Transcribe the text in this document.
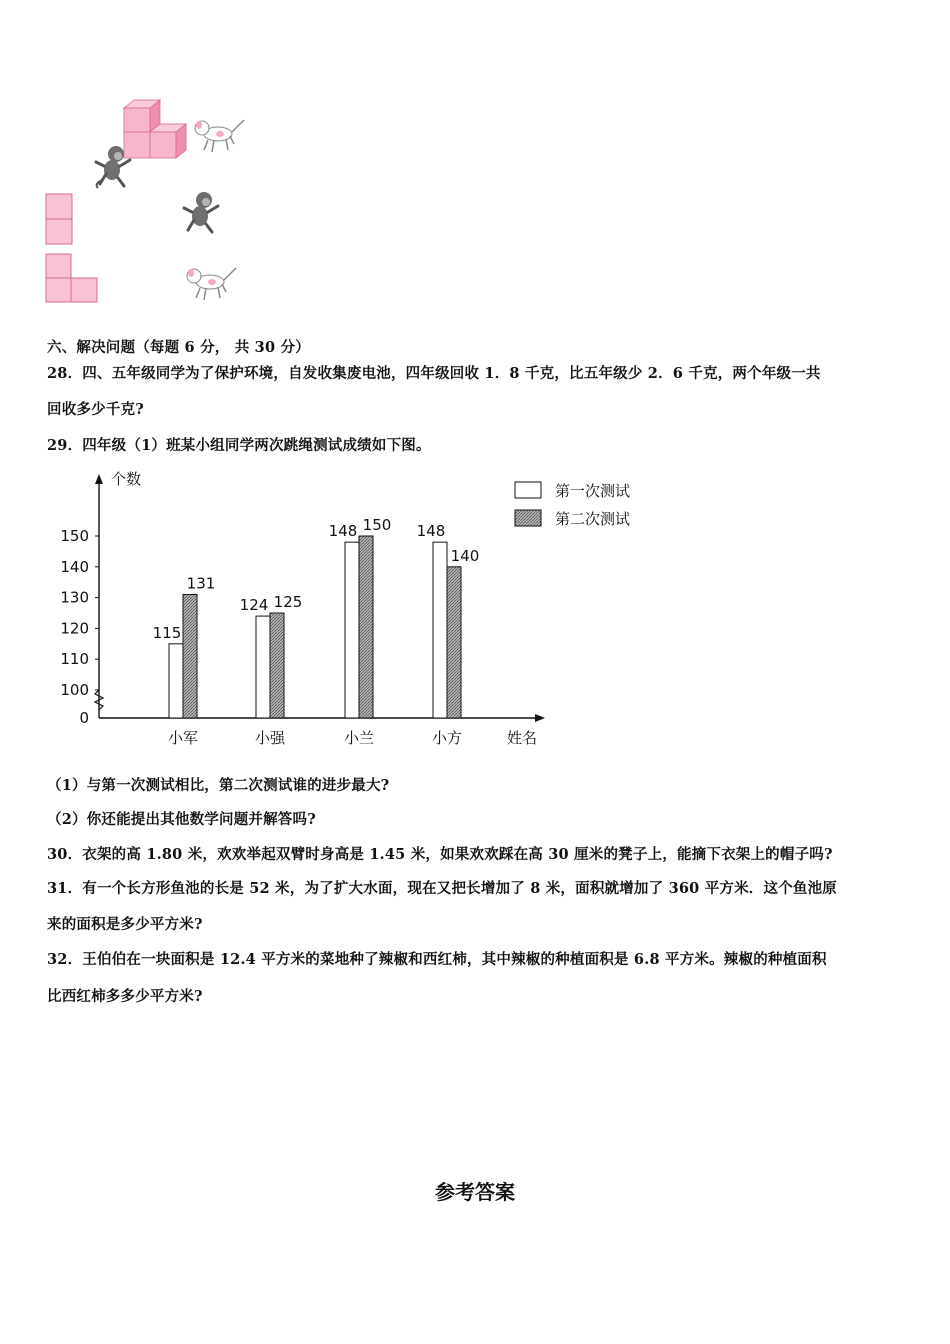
六、解决问题（每题 6 分， 共 30 分）
28．四、五年级同学为了保护环境，自发收集废电池，四年级回收 1．8 千克，比五年级少 2．6 千克，两个年级一共
回收多少千克?
29．四年级（1）班某小组同学两次跳绳测试成绩如下图。
个数
姓名
150
140
130
120
110
100
0
115
131
小军
124 125
小强
148 150
小兰
148
140
小方
第一次测试
第二次测试
（1）与第一次测试相比，第二次测试谁的进步最大?
（2）你还能提出其他数学问题并解答吗?
30．衣架的高 1.80 米，欢欢举起双臂时身高是 1.45 米，如果欢欢踩在高 30 厘米的凳子上，能摘下衣架上的帽子吗?
31．有一个长方形鱼池的长是 52 米，为了扩大水面，现在又把长增加了 8 米，面积就增加了 360 平方米．这个鱼池原
来的面积是多少平方米?
32．王伯伯在一块面积是 12.4 平方米的菜地种了辣椒和西红柿，其中辣椒的种植面积是 6.8 平方米。辣椒的种植面积
比西红柿多多少平方米?
参考答案
